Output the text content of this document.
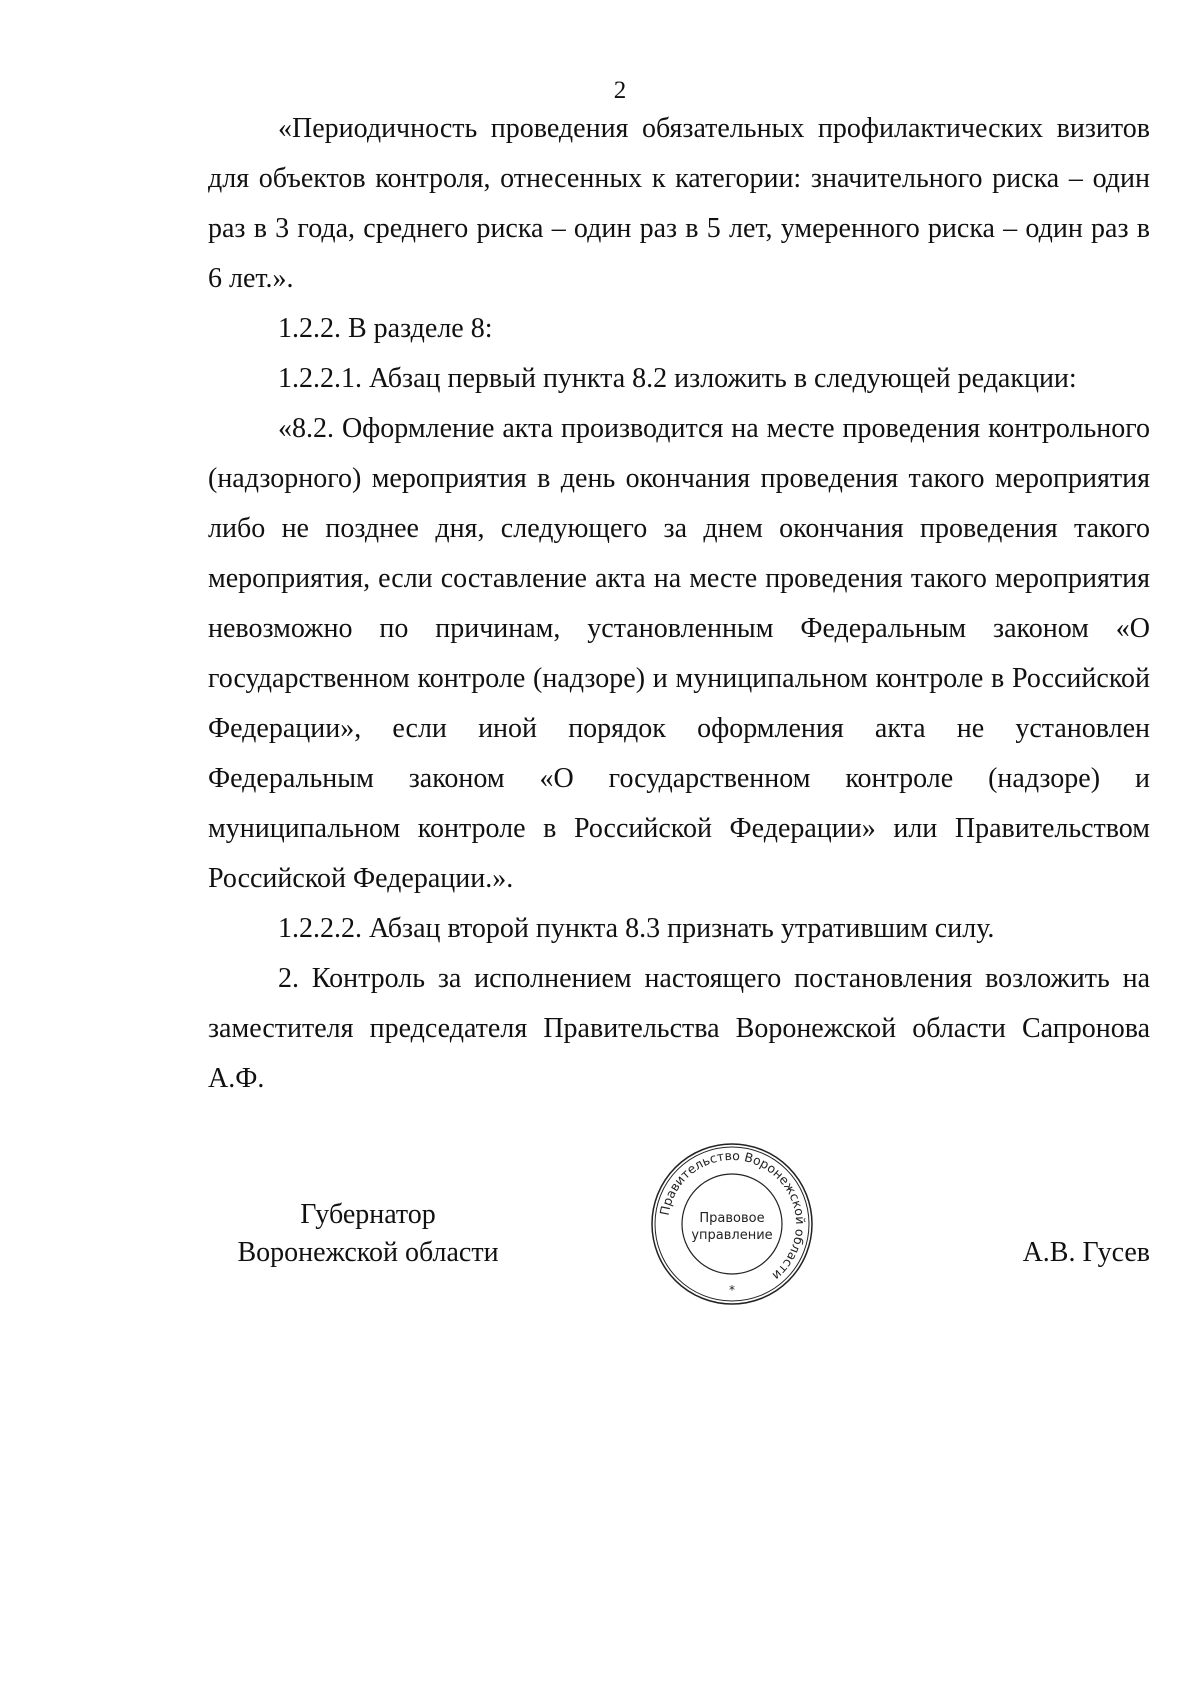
2

«Периодичность проведения обязательных профилактических визитов для объектов контроля, отнесенных к категории: значительного риска – один раз в 3 года, среднего риска – один раз в 5 лет, умеренного риска – один раз в 6 лет.».

1.2.2. В разделе 8:

1.2.2.1. Абзац первый пункта 8.2 изложить в следующей редакции:

«8.2. Оформление акта производится на месте проведения контрольного (надзорного) мероприятия в день окончания проведения такого мероприятия либо не позднее дня, следующего за днем окончания проведения такого мероприятия, если составление акта на месте проведения такого мероприятия невозможно по причинам, установленным Федеральным законом «О государственном контроле (надзоре) и муниципальном контроле в Российской Федерации», если иной порядок оформления акта не установлен Федеральным законом «О государственном контроле (надзоре) и муниципальном контроле в Российской Федерации» или Правительством Российской Федерации.».

1.2.2.2. Абзац второй пункта 8.3 признать утратившим силу.

2. Контроль за исполнением настоящего постановления возложить на заместителя председателя Правительства Воронежской области Сапронова А.Ф.

Губернатор
Воронежской области	А.В. Гусев
Правительство Воронежской области
Правовое
управление
*
